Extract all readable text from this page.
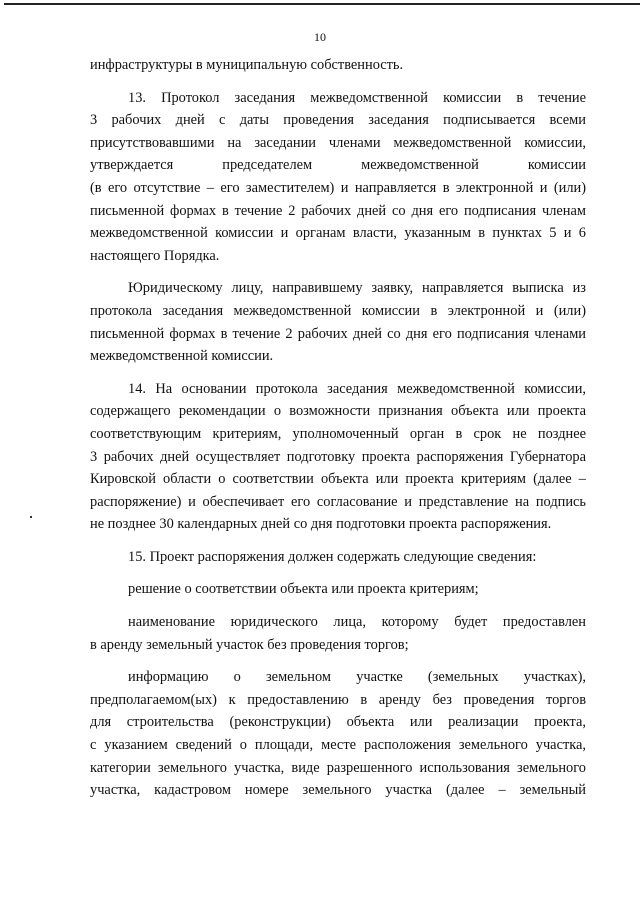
10
инфраструктуры в муниципальную собственность.
13. Протокол заседания межведомственной комиссии в течение
3 рабочих дней с даты проведения заседания подписывается всеми
присутствовавшими на заседании членами межведомственной комиссии,
утверждается председателем межведомственной комиссии
(в его отсутствие – его заместителем) и направляется в электронной и (или)
письменной формах в течение 2 рабочих дней со дня его подписания членам
межведомственной комиссии и органам власти, указанным в пунктах 5 и 6
настоящего Порядка.
Юридическому лицу, направившему заявку, направляется выписка из
протокола заседания межведомственной комиссии в электронной и (или)
письменной формах в течение 2 рабочих дней со дня его подписания членами
межведомственной комиссии.
14. На основании протокола заседания межведомственной комиссии,
содержащего рекомендации о возможности признания объекта или проекта
соответствующим критериям, уполномоченный орган в срок не позднее
3 рабочих дней осуществляет подготовку проекта распоряжения Губернатора
Кировской области о соответствии объекта или проекта критериям (далее –
распоряжение) и обеспечивает его согласование и представление на подпись
не позднее 30 календарных дней со дня подготовки проекта распоряжения.
15. Проект распоряжения должен содержать следующие сведения:
решение о соответствии объекта или проекта критериям;
наименование юридического лица, которому будет предоставлен
в аренду земельный участок без проведения торгов;
информацию о земельном участке (земельных участках),
предполагаемом(ых) к предоставлению в аренду без проведения торгов
для строительства (реконструкции) объекта или реализации проекта,
с указанием сведений о площади, месте расположения земельного участка,
категории земельного участка, виде разрешенного использования земельного
участка, кадастровом номере земельного участка (далее – земельный
